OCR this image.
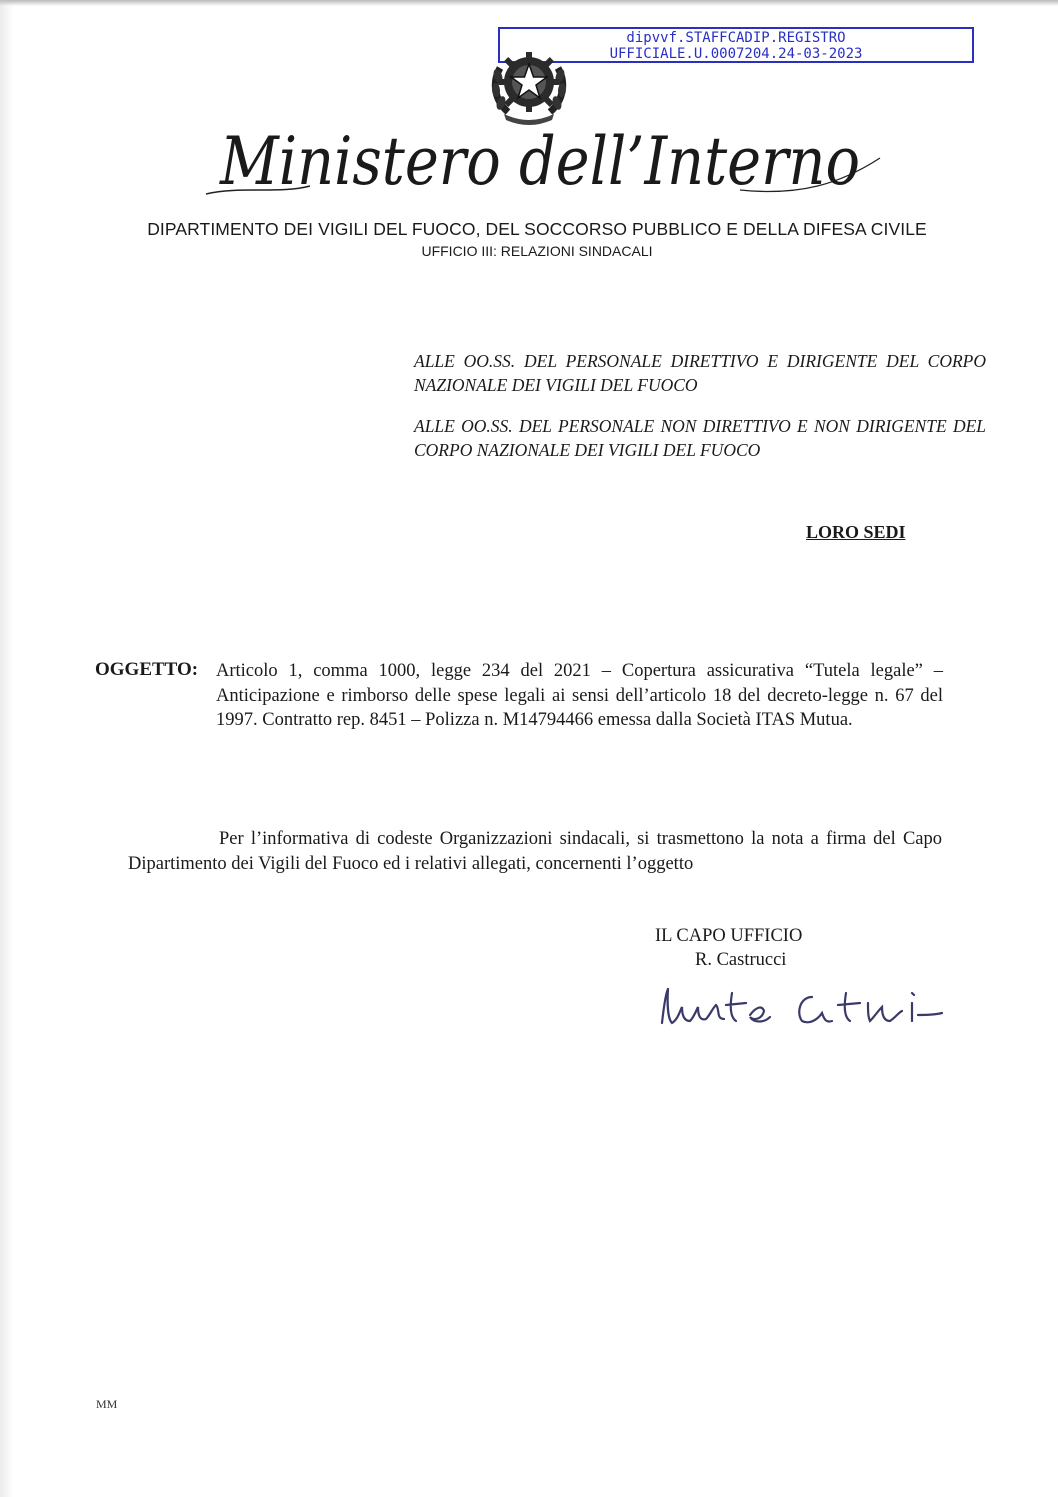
dipvvf.STAFFCADIP.REGISTRO
UFFICIALE.U.0007204.24-03-2023
Ministero dell’Interno
DIPARTIMENTO DEI VIGILI DEL FUOCO, DEL SOCCORSO PUBBLICO E DELLA DIFESA CIVILE
UFFICIO III: RELAZIONI SINDACALI
ALLE OO.SS. DEL PERSONALE DIRETTIVO E DIRIGENTE DEL CORPO NAZIONALE DEI VIGILI DEL FUOCO
ALLE OO.SS. DEL PERSONALE NON DIRETTIVO E NON DIRIGENTE DEL CORPO NAZIONALE DEI VIGILI DEL FUOCO
LORO SEDI
OGGETTO: Articolo 1, comma 1000, legge 234 del 2021 – Copertura assicurativa “Tutela legale” – Anticipazione e rimborso delle spese legali ai sensi dell’articolo 18 del decreto-legge n. 67 del 1997. Contratto rep. 8451 – Polizza n. M14794466 emessa dalla Società ITAS Mutua.
Per l’informativa di codeste Organizzazioni sindacali, si trasmettono la nota a firma del Capo Dipartimento dei Vigili del Fuoco ed i relativi allegati, concernenti l’oggetto
IL CAPO UFFICIO
R. Castrucci
MM
